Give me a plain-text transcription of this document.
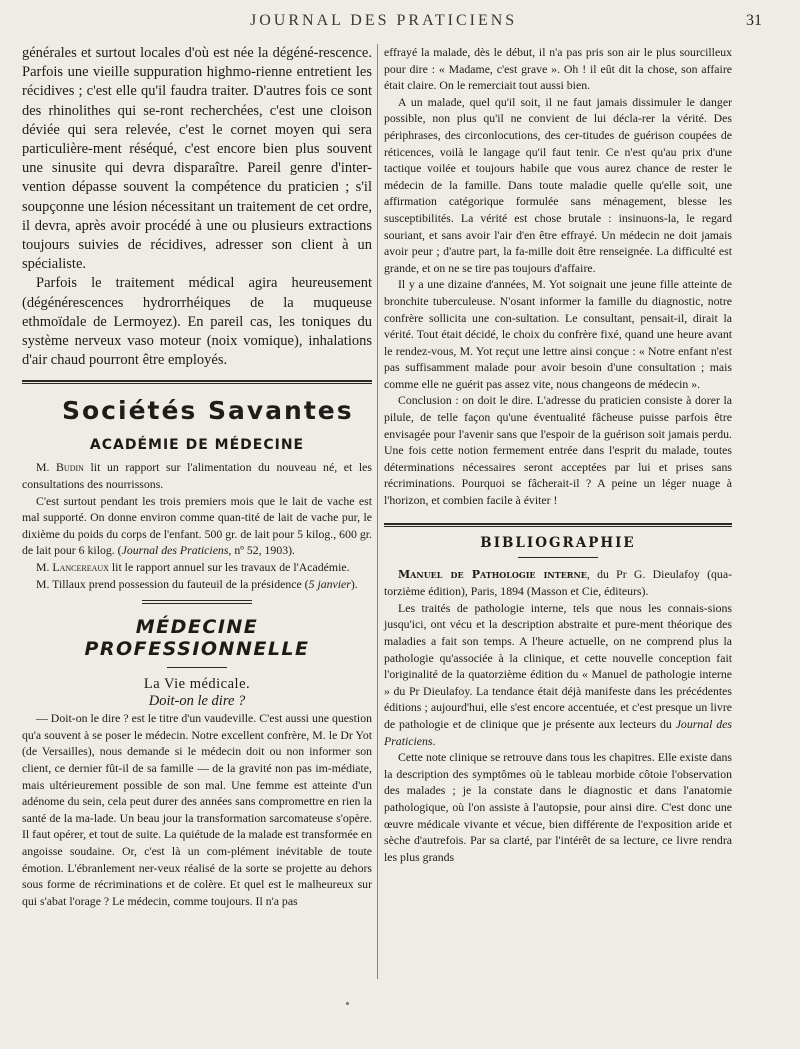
JOURNAL DES PRATICIENS	31

générales et surtout locales d'où est née la dégéné-rescence. Parfois une vieille suppuration highmo-rienne entretient les récidives ; c'est elle qu'il faudra traiter. D'autres fois ce sont des rhinolithes qui se-ront recherchées, c'est une cloison déviée qui sera relevée, c'est le cornet moyen qui sera particulière-ment réséqué, c'est encore bien plus souvent une sinusite qui devra disparaître. Pareil genre d'inter-vention dépasse souvent la compétence du praticien ; s'il soupçonne une lésion nécessitant un traitement de cet ordre, il devra, après avoir procédé à une ou plusieurs extractions toujours suivies de récidives, adresser son client à un spécialiste.

Parfois le traitement médical agira heureusement (dégénérescences hydrorrhéiques de la muqueuse ethmoïdale de Lermoyez). En pareil cas, les toniques du système nerveux vaso moteur (noix vomique), inhalations d'air chaud pourront être employés.

Sociétés Savantes
ACADÉMIE DE MÉDECINE

M. Budin lit un rapport sur l'alimentation du nouveau né, et les consultations des nourrissons.

C'est surtout pendant les trois premiers mois que le lait de vache est mal supporté. On donne environ comme quan-tité de lait de vache pur, le dixième du poids du corps de l'enfant. 500 gr. de lait pour 5 kilog., 600 gr. de lait pour 6 kilog. (Journal des Praticiens, nº 52, 1903).

M. Lancereaux lit le rapport annuel sur les travaux de l'Académie.

M. Tillaux prend possession du fauteuil de la présidence (5 janvier).

MÉDECINE PROFESSIONNELLE

La Vie médicale.

Doit-on le dire ?

— Doit-on le dire ? est le titre d'un vaudeville. C'est aussi une question qu'a souvent à se poser le médecin. Notre excellent confrère, M. le Dr Yot (de Versailles), nous demande si le médecin doit ou non informer son client, ce dernier fût-il de sa famille — de la gravité non pas im-médiate, mais ultérieurement possible de son mal. Une femme est atteinte d'un adénome du sein, cela peut durer des années sans compromettre en rien la santé de la ma-lade. Un beau jour la transformation sarcomateuse s'opère. Il faut opérer, et tout de suite. La quiétude de la malade est transformée en angoisse soudaine. Or, c'est là un com-plément inévitable de toute émotion. L'ébranlement ner-veux réalisé de la sorte se projette au dehors sous forme de récriminations et de colère. Et quel est le malheureux sur qui s'abat l'orage ? Le médecin, comme toujours. Il n'a pas

effrayé la malade, dès le début, il n'a pas pris son air le plus sourcilleux pour dire : « Madame, c'est grave ». Oh ! il eût dit la chose, son affaire était claire. On le remerciait tout aussi bien.

A un malade, quel qu'il soit, il ne faut jamais dissimuler le danger possible, non plus qu'il ne convient de lui décla-rer la vérité. Des périphrases, des circonlocutions, des cer-titudes de guérison coupées de réticences, voilà le langage qu'il faut tenir. Ce n'est qu'au prix d'une tactique voilée et toujours habile que vous aurez chance de rester le médecin de la famille. Dans toute maladie quelle qu'elle soit, une affirmation catégorique formulée sans ménagement, blesse les susceptibilités. La vérité est chose brutale : insinuons-la, le regard souriant, et sans avoir l'air d'en être effrayé. Un médecin ne doit jamais avoir peur ; d'autre part, la fa-mille doit être renseignée. La difficulté est grande, et on ne se tire pas toujours d'affaire.

Il y a une dizaine d'années, M. Yot soignait une jeune fille atteinte de bronchite tuberculeuse. N'osant informer la famille du diagnostic, notre confrère sollicita une con-sultation. Le consultant, pensait-il, dirait la vérité. Tout était décidé, le choix du confrère fixé, quand une heure avant le rendez-vous, M. Yot reçut une lettre ainsi conçue : « Notre enfant n'est pas suffisamment malade pour avoir besoin d'une consultation ; mais comme elle ne guérit pas assez vite, nous changeons de médecin ».

Conclusion : on doit le dire. L'adresse du praticien consiste à dorer la pilule, de telle façon qu'une éventualité fâcheuse puisse parfois être envisagée pour l'avenir sans que l'espoir de la guérison soit jamais perdu. Une fois cette notion fermement entrée dans l'esprit du malade, toutes déterminations nécessaires seront acceptées par lui et prises sans récriminations. Pourquoi se fâcherait-il ? A peine un léger nuage à l'horizon, et combien facile à éviter !

BIBLIOGRAPHIE

Manuel de Pathologie interne, du Pr G. Dieulafoy (qua-torzième édition), Paris, 1894 (Masson et Cie, éditeurs).

Les traités de pathologie interne, tels que nous les connais-sions jusqu'ici, ont vécu et la description abstraite et pure-ment théorique des maladies a fait son temps. A l'heure actuelle, on ne comprend plus la pathologie qu'associée à la clinique, et cette nouvelle conception fait l'originalité de la quatorzième édition du « Manuel de pathologie interne » du Pr Dieulafoy. La tendance était déjà manifeste dans les précédentes éditions ; aujourd'hui, elle s'est encore accentuée, et c'est presque un livre de pathologie et de clinique que je présente aux lecteurs du Journal des Praticiens.

Cette note clinique se retrouve dans tous les chapitres. Elle existe dans la description des symptômes où le tableau morbide côtoie l'observation des malades ; je la constate dans le diagnostic et dans l'anatomie pathologique, où l'on assiste à l'autopsie, pour ainsi dire. C'est donc une œuvre médicale vivante et vécue, bien différente de l'exposition aride et sèche d'autrefois. Par sa clarté, par l'intérêt de sa lecture, ce livre rendra les plus grands
